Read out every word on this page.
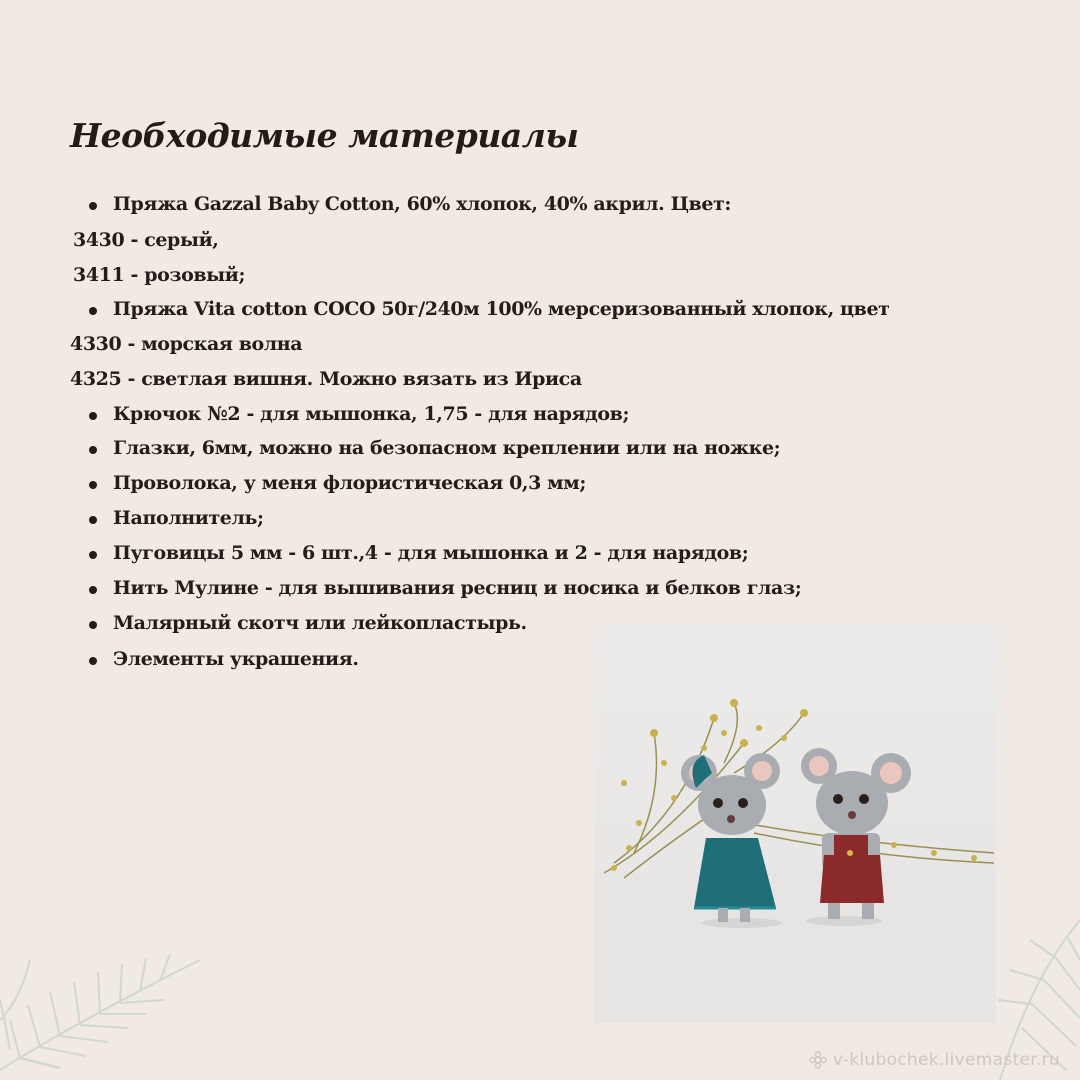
Необходимые материалы
Пряжа Gazzal Baby Cotton, 60% хлопок, 40% акрил. Цвет:
3430 - серый,
3411 - розовый;
Пряжа Vita cotton COCO 50г/240м 100% мерсеризованный хлопок, цвет
4330 - морская волна
4325 - светлая вишня. Можно вязать из Ириса
Крючок №2 - для мышонка, 1,75 - для нарядов;
Глазки, 6мм, можно на безопасном креплении или на ножке;
Проволока, у меня флористическая 0,3 мм;
Наполнитель;
Пуговицы 5 мм - 6 шт.,4 - для мышонка и 2 - для нарядов;
Нить Мулине - для вышивания ресниц и носика и белков глаз;
Малярный скотч или лейкопластырь.
Элементы украшения.
v-klubochek.livemaster.ru
